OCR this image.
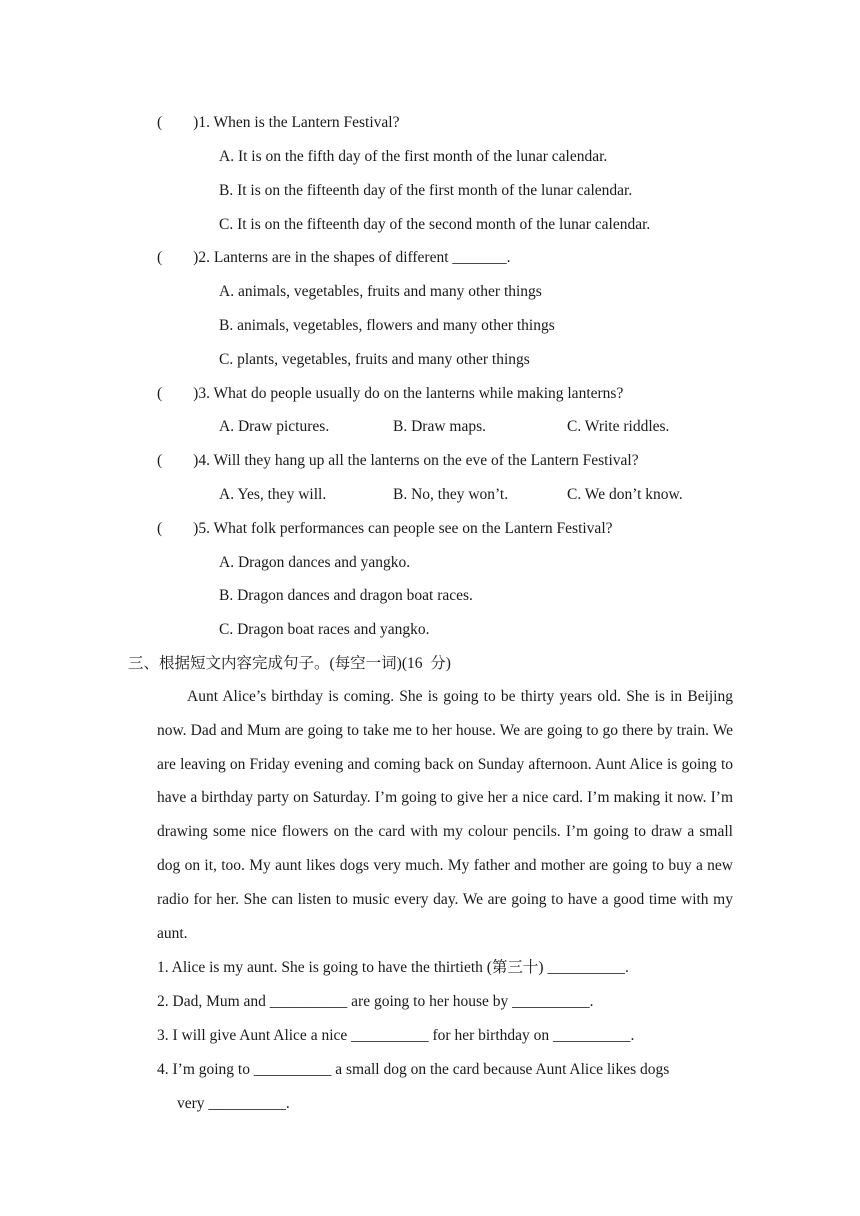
(        )1. When is the Lantern Festival?
A. It is on the fifth day of the first month of the lunar calendar.
B. It is on the fifteenth day of the first month of the lunar calendar.
C. It is on the fifteenth day of the second month of the lunar calendar.
(        )2. Lanterns are in the shapes of different _______.
A. animals, vegetables, fruits and many other things
B. animals, vegetables, flowers and many other things
C. plants, vegetables, fruits and many other things
(        )3. What do people usually do on the lanterns while making lanterns?
A. Draw pictures.	B. Draw maps.	C. Write riddles.
(        )4. Will they hang up all the lanterns on the eve of the Lantern Festival?
A. Yes, they will.	B. No, they won’t.	C. We don’t know.
(        )5. What folk performances can people see on the Lantern Festival?
A. Dragon dances and yangko.
B. Dragon dances and dragon boat races.
C. Dragon boat races and yangko.
三、根据短文内容完成句子。(每空一词)(16  分)
Aunt Alice’s birthday is coming. She is going to be thirty years old. She is in Beijing now. Dad and Mum are going to take me to her house. We are going to go there by train. We are leaving on Friday evening and coming back on Sunday afternoon. Aunt Alice is going to have a birthday party on Saturday. I’m going to give her a nice card. I’m making it now. I’m drawing some nice flowers on the card with my colour pencils. I’m going to draw a small dog on it, too. My aunt likes dogs very much. My father and mother are going to buy a new radio for her. She can listen to music every day. We are going to have a good time with my aunt.
1. Alice is my aunt. She is going to have the thirtieth (第三十) __________.
2. Dad, Mum and __________ are going to her house by __________.
3. I will give Aunt Alice a nice __________ for her birthday on __________.
4. I’m going to __________ a small dog on the card because Aunt Alice likes dogs
very __________.
